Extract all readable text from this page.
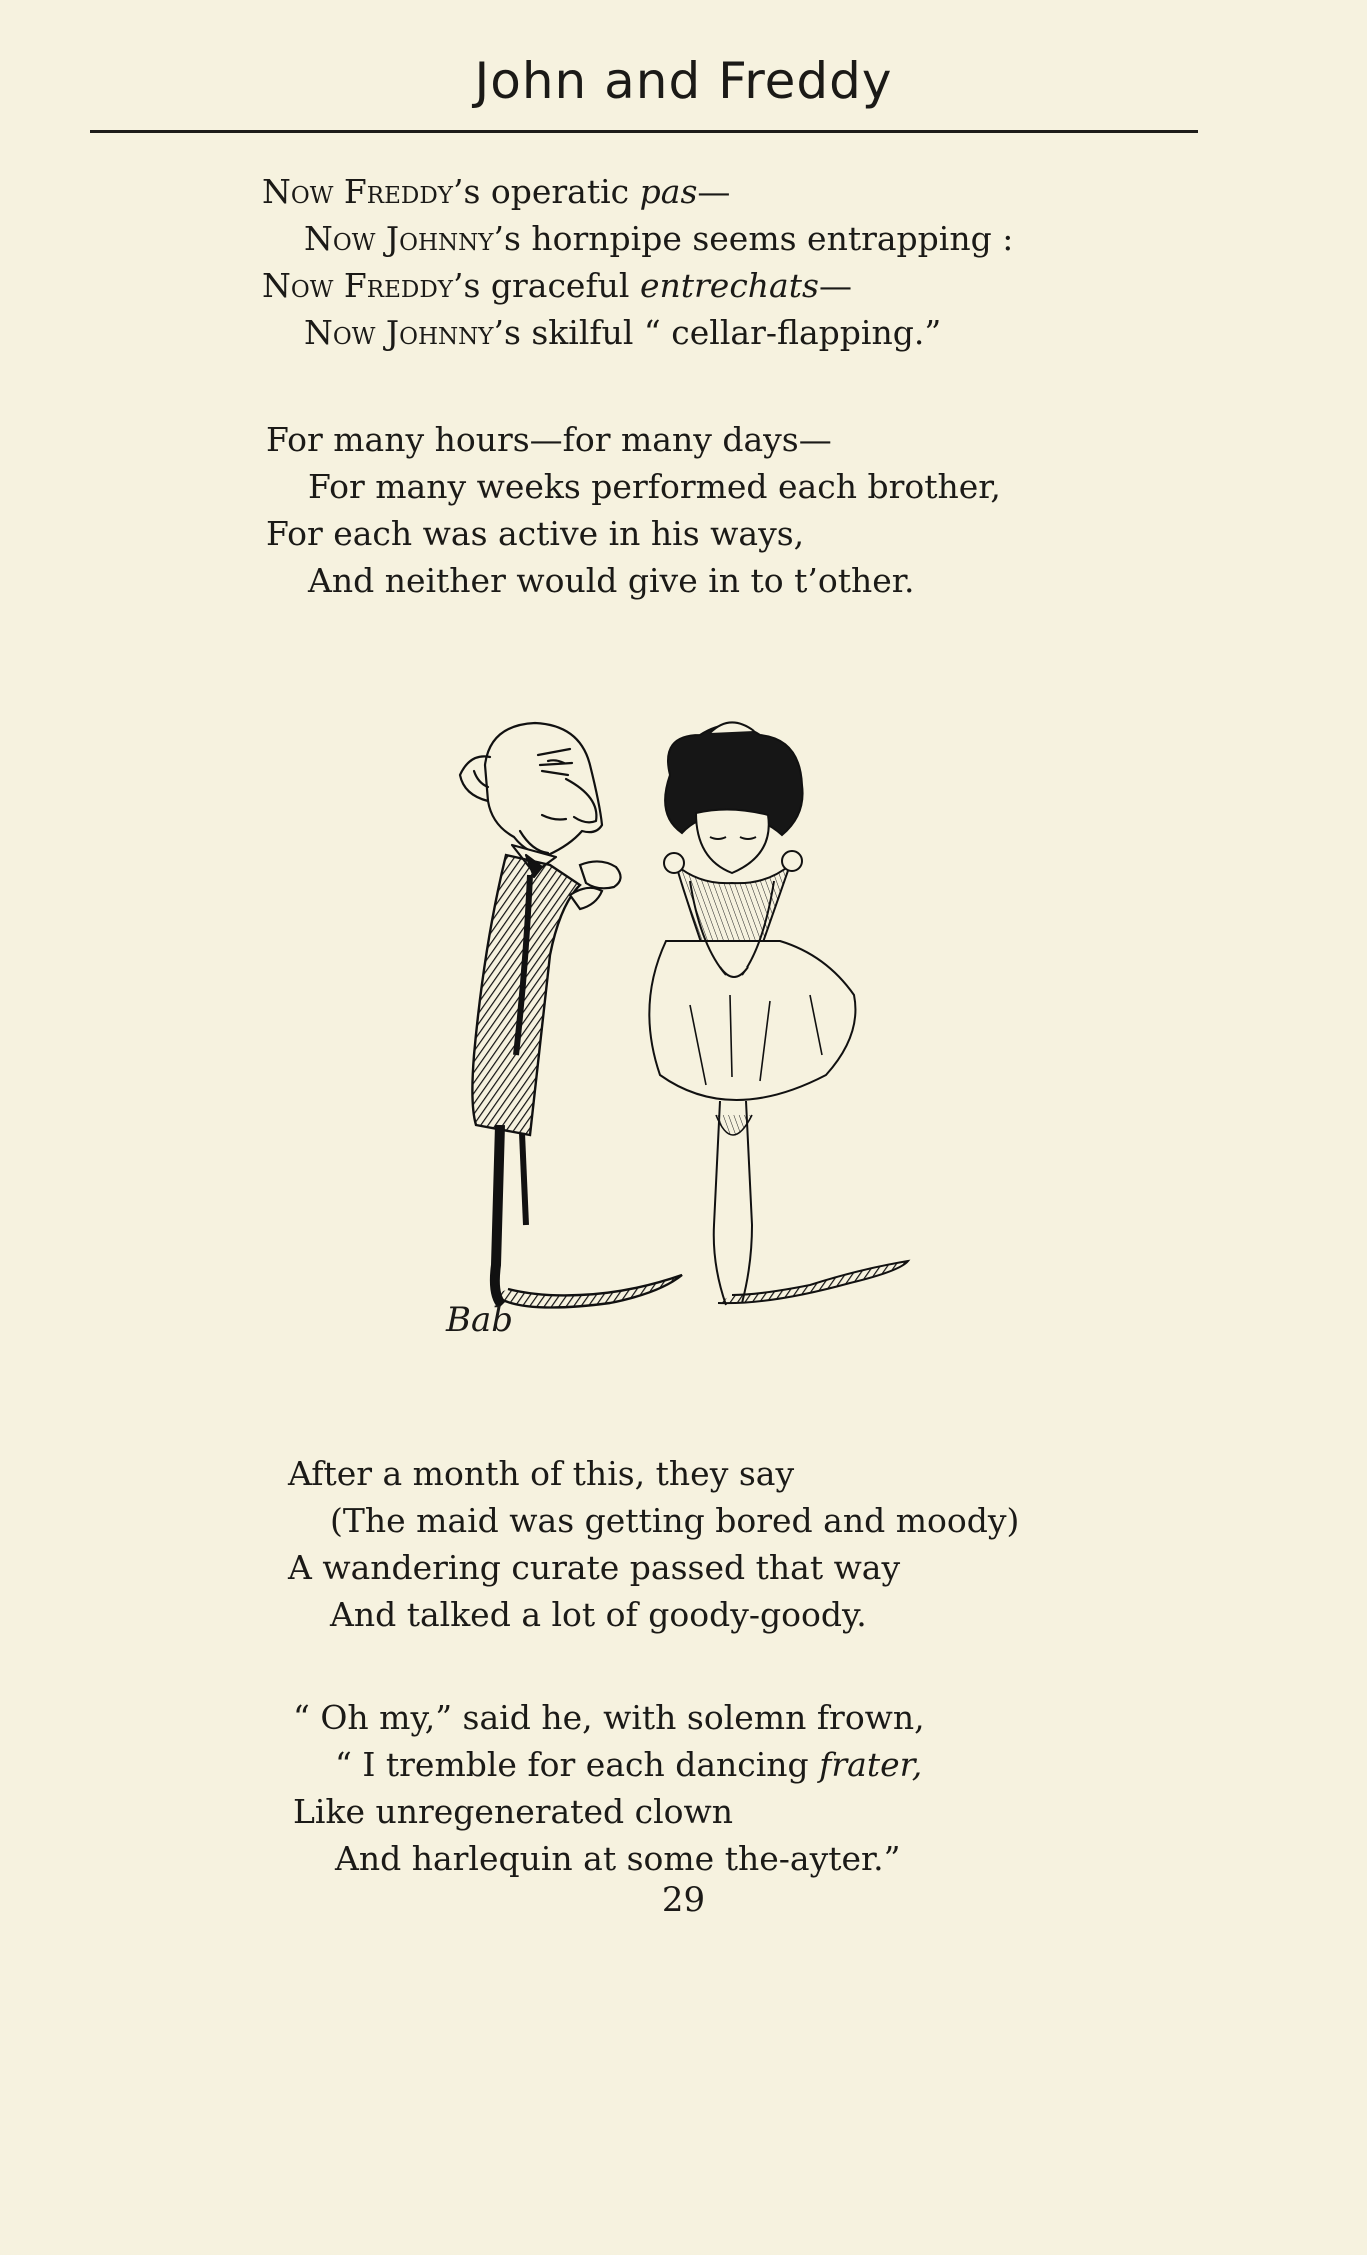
John and Freddy
Now Freddy’s operatic pas—
Now Johnny’s hornpipe seems entrapping :
Now Freddy’s graceful entrechats—
Now Johnny’s skilful “ cellar-flapping.”
For many hours—for many days—
For many weeks performed each brother,
For each was active in his ways,
And neither would give in to t’other.
Bab
After a month of this, they say
(The maid was getting bored and moody)
A wandering curate passed that way
And talked a lot of goody-goody.
“ Oh my,” said he, with solemn frown,
“ I tremble for each dancing frater,
Like unregenerated clown
And harlequin at some the-ayter.”
29
